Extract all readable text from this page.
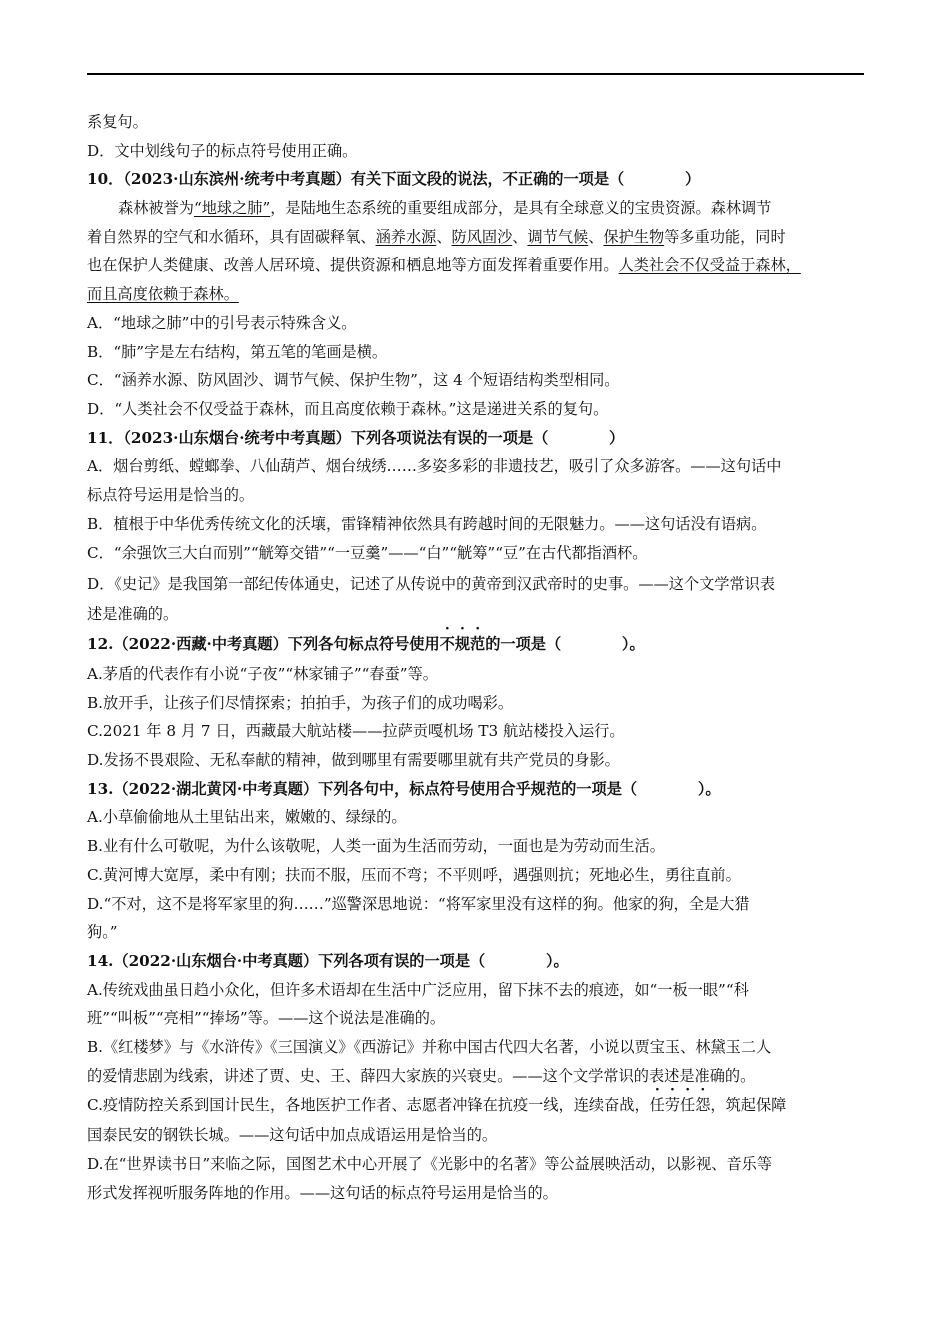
系复句。
D．文中划线句子的标点符号使用正确。
10．（2023·山东滨州·统考中考真题）有关下面文段的说法，不正确的一项是（　　　　）
森林被誉为“地球之肺”，是陆地生态系统的重要组成部分，是具有全球意义的宝贵资源。森林调节
着自然界的空气和水循环，具有固碳释氧、涵养水源、防风固沙、调节气候、保护生物等多重功能，同时
也在保护人类健康、改善人居环境、提供资源和栖息地等方面发挥着重要作用。人类社会不仅受益于森林，
而且高度依赖于森林。
A．“地球之肺”中的引号表示特殊含义。
B．“肺”字是左右结构，第五笔的笔画是横。
C．“涵养水源、防风固沙、调节气候、保护生物”，这 4 个短语结构类型相同。
D．“人类社会不仅受益于森林，而且高度依赖于森林。”这是递进关系的复句。
11．（2023·山东烟台·统考中考真题）下列各项说法有误的一项是（　　　　）
A．烟台剪纸、螳螂拳、八仙葫芦、烟台绒绣……多姿多彩的非遗技艺，吸引了众多游客。——这句话中
标点符号运用是恰当的。
B．植根于中华优秀传统文化的沃壤，雷锋精神依然具有跨越时间的无限魅力。——这句话没有语病。
C．“余强饮三大白而别”“觥筹交错”“一豆羹”——“白”“觥筹”“豆”在古代都指酒杯。
D．《史记》是我国第一部纪传体通史，记述了从传说中的黄帝到汉武帝时的史事。——这个文学常识表
述是准确的。
12.（2022·西藏·中考真题）下列各句标点符号使用不规范的一项是（　　　　）。
A.茅盾的代表作有小说“子夜”“林家铺子”“春蚕”等。
B.放开手，让孩子们尽情探索；拍拍手，为孩子们的成功喝彩。
C.2021 年 8 月 7 日，西藏最大航站楼——拉萨贡嘎机场 T3 航站楼投入运行。
D.发扬不畏艰险、无私奉献的精神，做到哪里有需要哪里就有共产党员的身影。
13.（2022·湖北黄冈·中考真题）下列各句中，标点符号使用合乎规范的一项是（　　　　）。
A.小草偷偷地从土里钻出来，嫩嫩的、绿绿的。
B.业有什么可敬呢，为什么该敬呢，人类一面为生活而劳动，一面也是为劳动而生活。
C.黄河博大宽厚，柔中有刚；扶而不服，压而不弯；不平则呼，遇强则抗；死地必生，勇往直前。
D.“不对，这不是将军家里的狗……”巡警深思地说：“将军家里没有这样的狗。他家的狗，全是大猎
狗。”
14.（2022·山东烟台·中考真题）下列各项有误的一项是（　　　　）。
A.传统戏曲虽日趋小众化，但许多术语却在生活中广泛应用，留下抹不去的痕迹，如“一板一眼”“科
班”“叫板”“亮相”“捧场”等。——这个说法是准确的。
B.《红楼梦》与《水浒传》《三国演义》《西游记》并称中国古代四大名著，小说以贾宝玉、林黛玉二人
的爱情悲剧为线索，讲述了贾、史、王、薛四大家族的兴衰史。——这个文学常识的表述是准确的。
C.疫情防控关系到国计民生，各地医护工作者、志愿者冲锋在抗疫一线，连续奋战，任劳任怨，筑起保障
国泰民安的钢铁长城。——这句话中加点成语运用是恰当的。
D.在“世界读书日”来临之际，国图艺术中心开展了《光影中的名著》等公益展映活动，以影视、音乐等
形式发挥视听服务阵地的作用。——这句话的标点符号运用是恰当的。
